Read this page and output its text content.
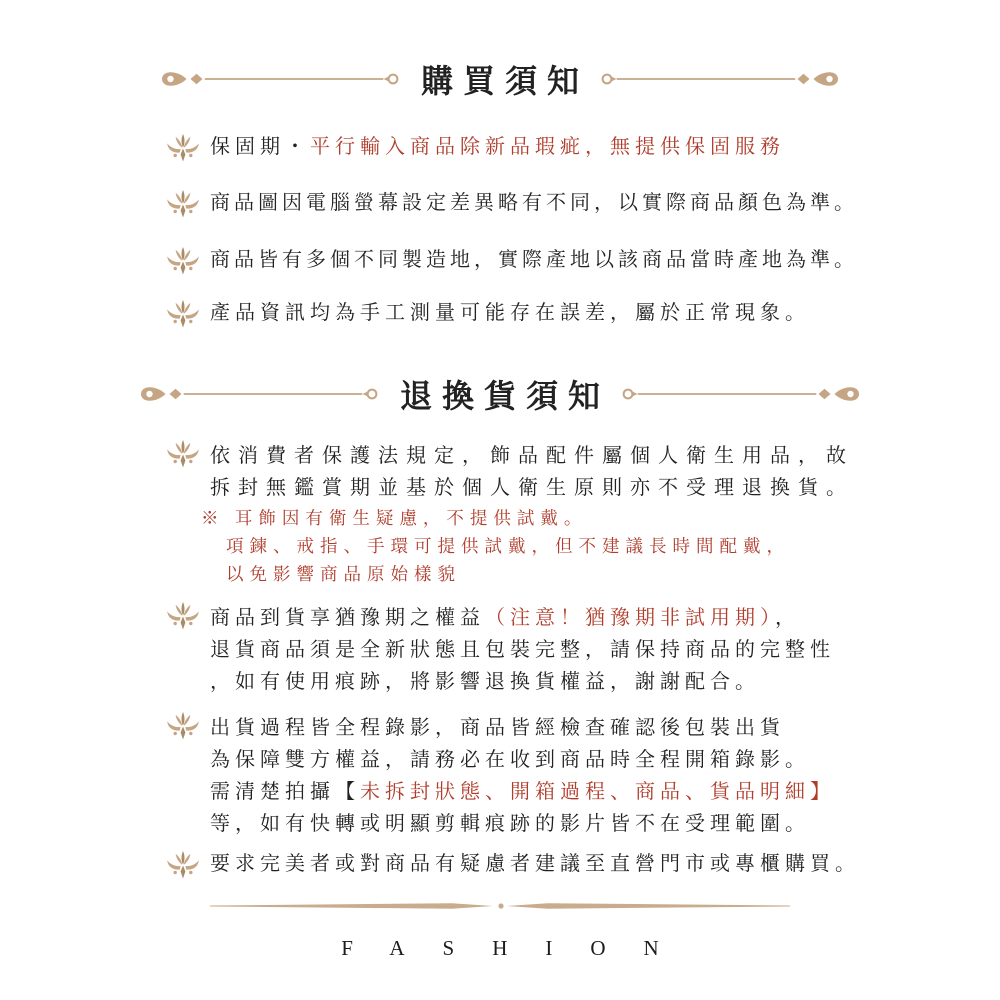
購買須知
保固期・平行輸入商品除新品瑕疵，無提供保固服務
商品圖因電腦螢幕設定差異略有不同，以實際商品顏色為準。
商品皆有多個不同製造地，實際產地以該商品當時產地為準。
產品資訊均為手工測量可能存在誤差，屬於正常現象。
退換貨須知
依消費者保護法規定，飾品配件屬個人衛生用品，故
拆封無鑑賞期並基於個人衛生原則亦不受理退換貨。
※ 耳飾因有衛生疑慮，不提供試戴。
項鍊、戒指、手環可提供試戴，但不建議長時間配戴，
以免影響商品原始樣貌
商品到貨享猶豫期之權益（注意！猶豫期非試用期），
退貨商品須是全新狀態且包裝完整，請保持商品的完整性
，如有使用痕跡，將影響退換貨權益，謝謝配合。
出貨過程皆全程錄影，商品皆經檢查確認後包裝出貨
為保障雙方權益，請務必在收到商品時全程開箱錄影。
需清楚拍攝【未拆封狀態、開箱過程、商品、貨品明細】
等，如有快轉或明顯剪輯痕跡的影片皆不在受理範圍。
要求完美者或對商品有疑慮者建議至直營門市或專櫃購買。
FASHION
